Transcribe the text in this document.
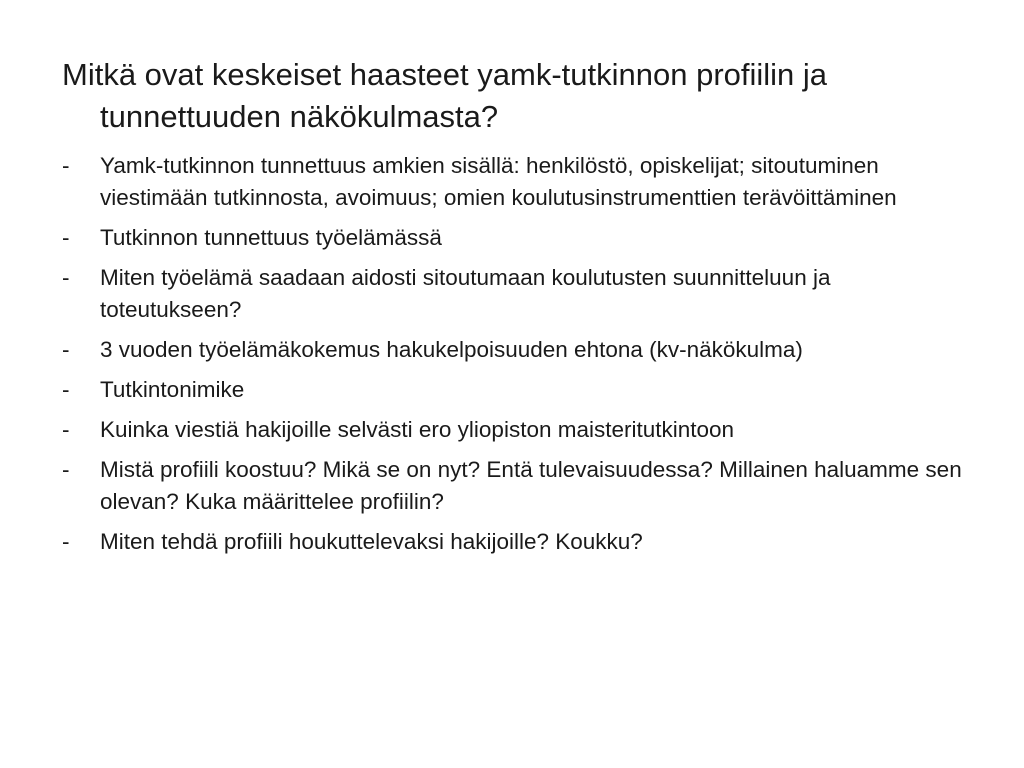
Mitkä ovat keskeiset haasteet yamk-tutkinnon profiilin ja tunnettuuden näkökulmasta?
-	Yamk-tutkinnon tunnettuus amkien sisällä: henkilöstö, opiskelijat; sitoutuminen viestimään tutkinnosta, avoimuus; omien koulutusinstrumenttien terävöittäminen
-	Tutkinnon tunnettuus työelämässä
-	Miten työelämä saadaan aidosti sitoutumaan koulutusten suunnitteluun ja toteutukseen?
-	3 vuoden työelämäkokemus hakukelpoisuuden ehtona (kv-näkökulma)
-	Tutkintonimike
-	Kuinka viestiä hakijoille selvästi ero yliopiston maisteritutkintoon
-	Mistä profiili koostuu? Mikä se on nyt? Entä tulevaisuudessa? Millainen haluamme sen olevan? Kuka määrittelee profiilin?
-	Miten tehdä profiili houkuttelevaksi hakijoille? Koukku?
